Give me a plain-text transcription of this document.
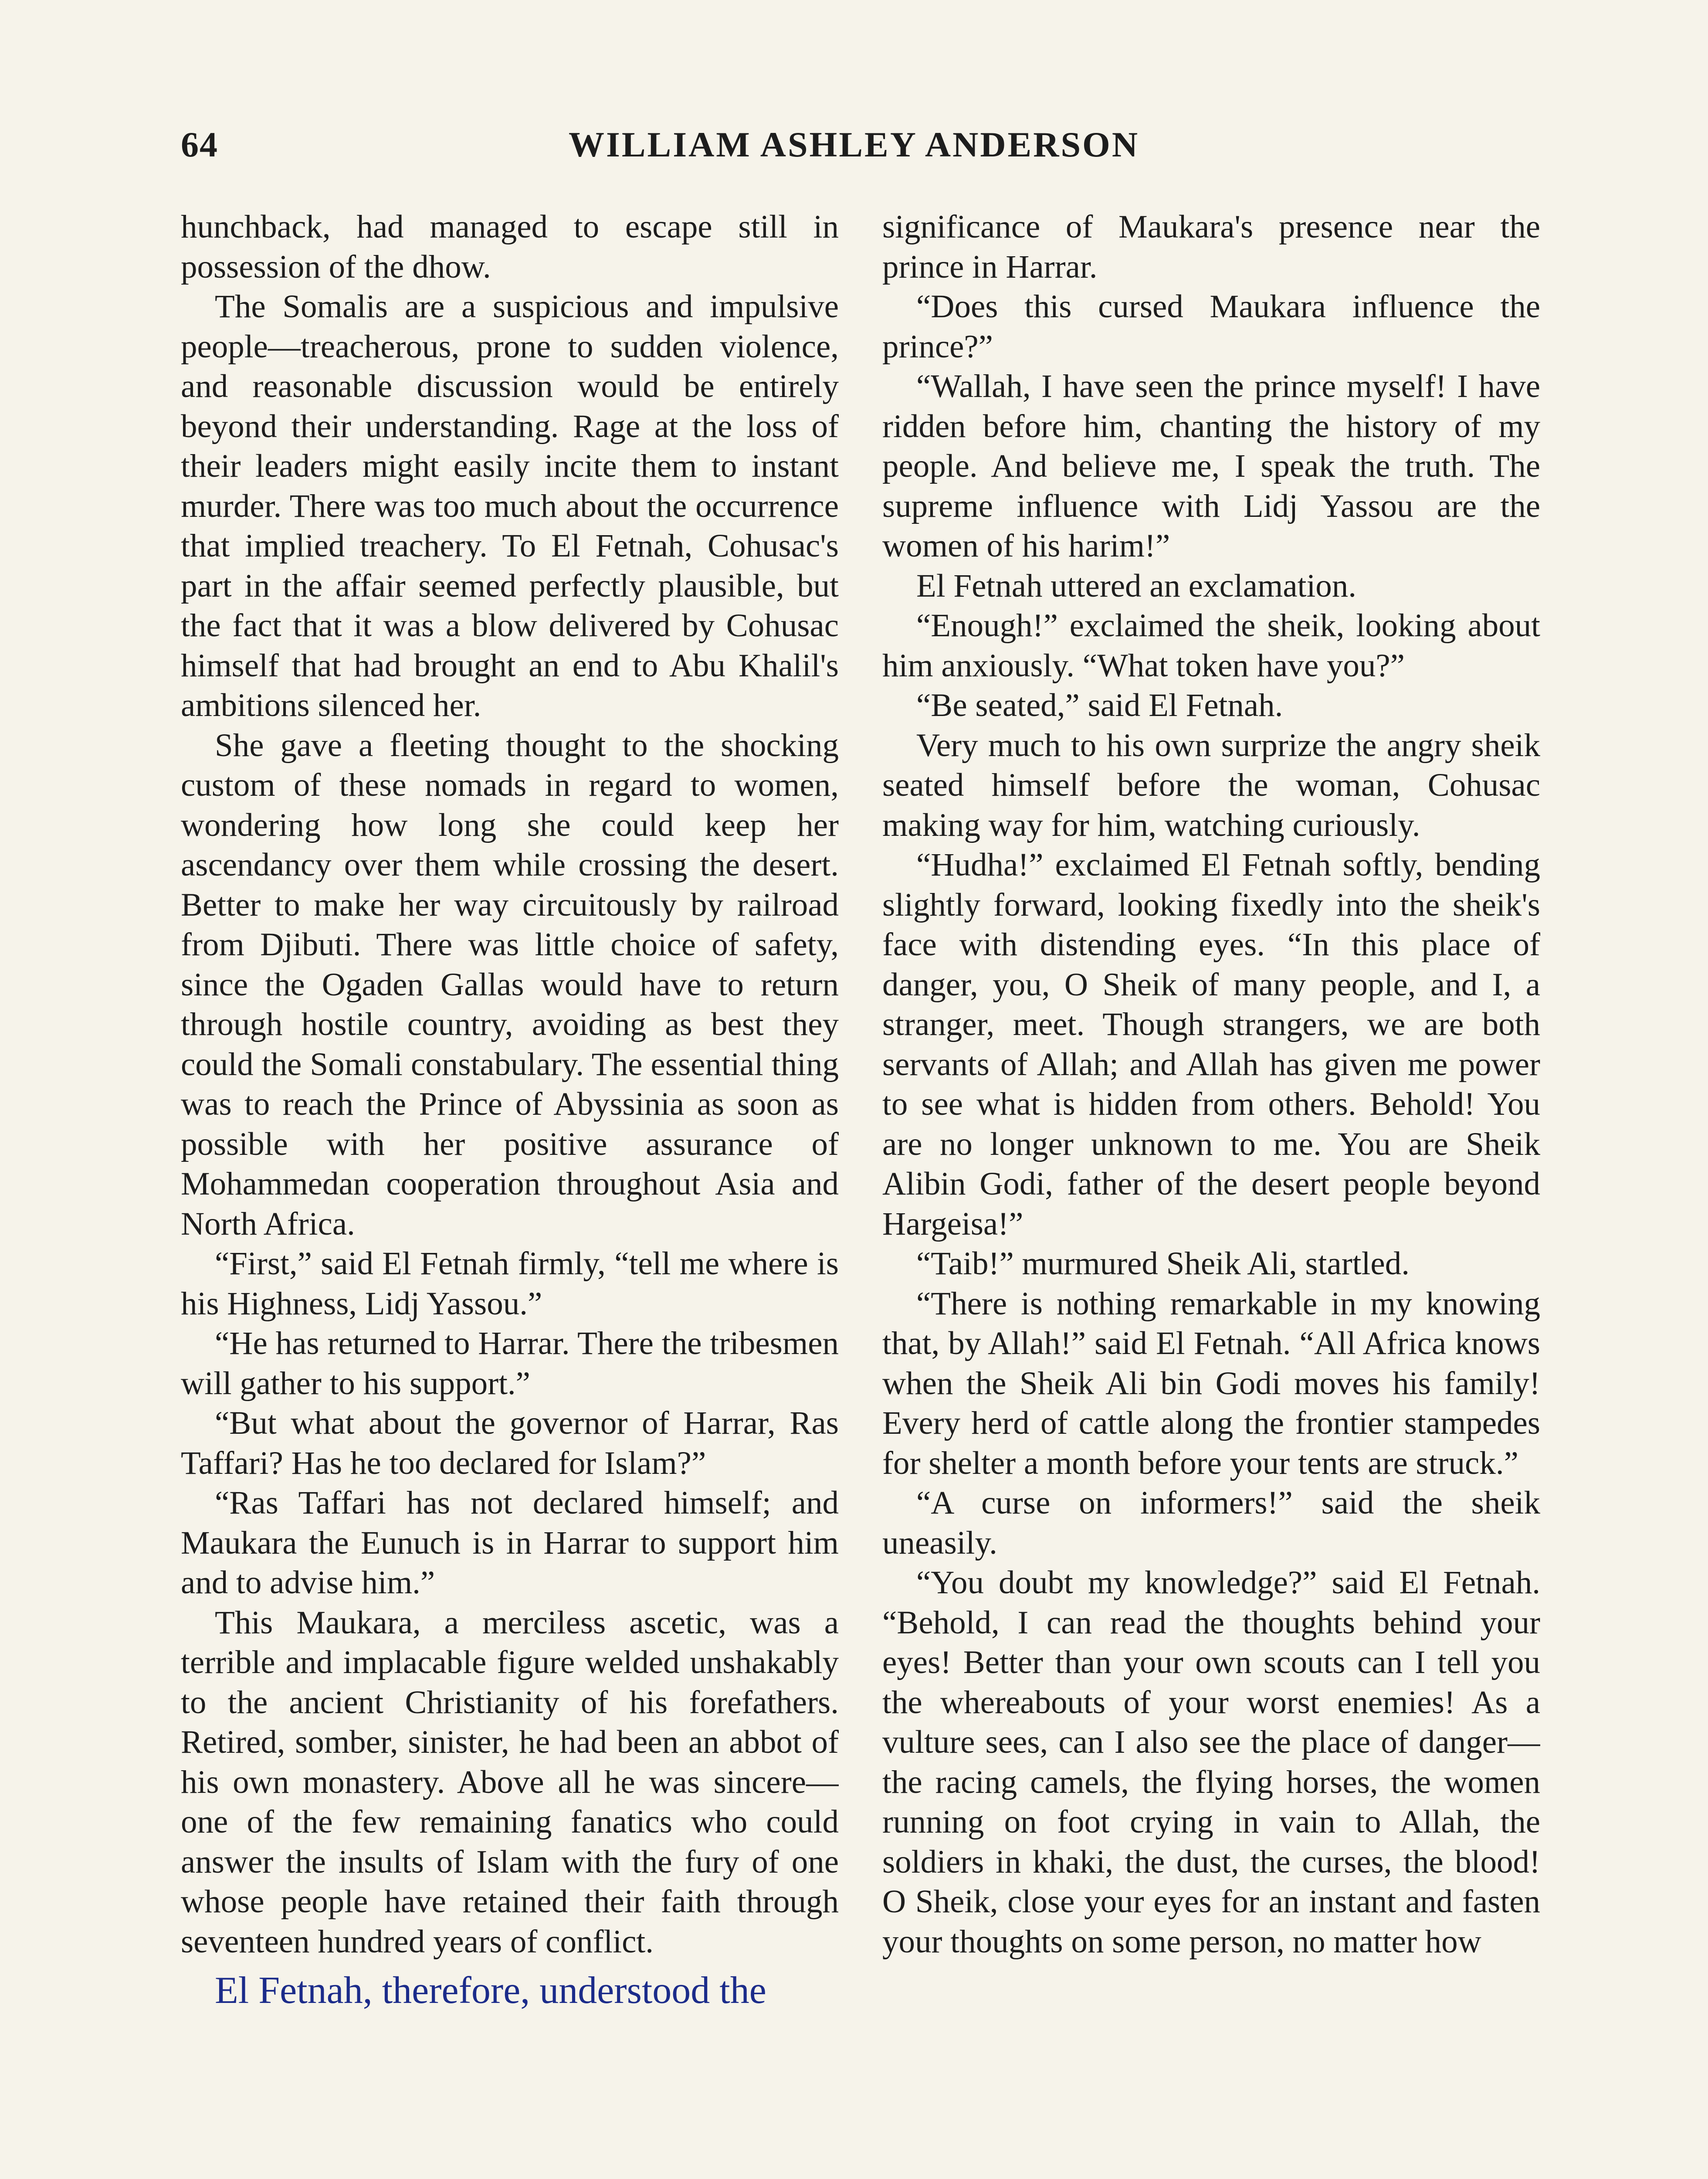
64	WILLIAM ASHLEY ANDERSON

hunchback, had managed to escape still in possession of the dhow.

The Somalis are a suspicious and impulsive people—treacherous, prone to sudden violence, and reasonable discussion would be entirely beyond their understanding. Rage at the loss of their leaders might easily incite them to instant murder. There was too much about the occurrence that implied treachery. To El Fetnah, Cohusac's part in the affair seemed perfectly plausible, but the fact that it was a blow delivered by Cohusac himself that had brought an end to Abu Khalil's ambitions silenced her.

She gave a fleeting thought to the shocking custom of these nomads in regard to women, wondering how long she could keep her ascendancy over them while crossing the desert. Better to make her way circuitously by railroad from Djibuti. There was little choice of safety, since the Ogaden Gallas would have to return through hostile country, avoiding as best they could the Somali constabulary. The essential thing was to reach the Prince of Abyssinia as soon as possible with her positive assurance of Mohammedan cooperation throughout Asia and North Africa.

“First,” said El Fetnah firmly, “tell me where is his Highness, Lidj Yassou.”

“He has returned to Harrar. There the tribesmen will gather to his support.”

“But what about the governor of Harrar, Ras Taffari? Has he too declared for Islam?”

“Ras Taffari has not declared himself; and Maukara the Eunuch is in Harrar to support him and to advise him.”

This Maukara, a merciless ascetic, was a terrible and implacable figure welded unshakably to the ancient Christianity of his forefathers. Retired, somber, sinister, he had been an abbot of his own monastery. Above all he was sincere—one of the few remaining fanatics who could answer the insults of Islam with the fury of one whose people have retained their faith through seventeen hundred years of conflict.

El Fetnah, therefore, understood the

significance of Maukara's presence near the prince in Harrar.

“Does this cursed Maukara influence the prince?”

“Wallah, I have seen the prince myself! I have ridden before him, chanting the history of my people. And believe me, I speak the truth. The supreme influence with Lidj Yassou are the women of his harim!”

El Fetnah uttered an exclamation.

“Enough!” exclaimed the sheik, looking about him anxiously. “What token have you?”

“Be seated,” said El Fetnah.

Very much to his own surprize the angry sheik seated himself before the woman, Cohusac making way for him, watching curiously.

“Hudha!” exclaimed El Fetnah softly, bending slightly forward, looking fixedly into the sheik's face with distending eyes. “In this place of danger, you, O Sheik of many people, and I, a stranger, meet. Though strangers, we are both servants of Allah; and Allah has given me power to see what is hidden from others. Behold! You are no longer unknown to me. You are Sheik Alibin Godi, father of the desert people beyond Hargeisa!”

“Taib!” murmured Sheik Ali, startled.

“There is nothing remarkable in my knowing that, by Allah!” said El Fetnah. “All Africa knows when the Sheik Ali bin Godi moves his family! Every herd of cattle along the frontier stampedes for shelter a month before your tents are struck.”

“A curse on informers!” said the sheik uneasily.

“You doubt my knowledge?” said El Fetnah. “Behold, I can read the thoughts behind your eyes! Better than your own scouts can I tell you the whereabouts of your worst enemies! As a vulture sees, can I also see the place of danger—the racing camels, the flying horses, the women running on foot crying in vain to Allah, the soldiers in khaki, the dust, the curses, the blood! O Sheik, close your eyes for an instant and fasten your thoughts on some person, no matter how
